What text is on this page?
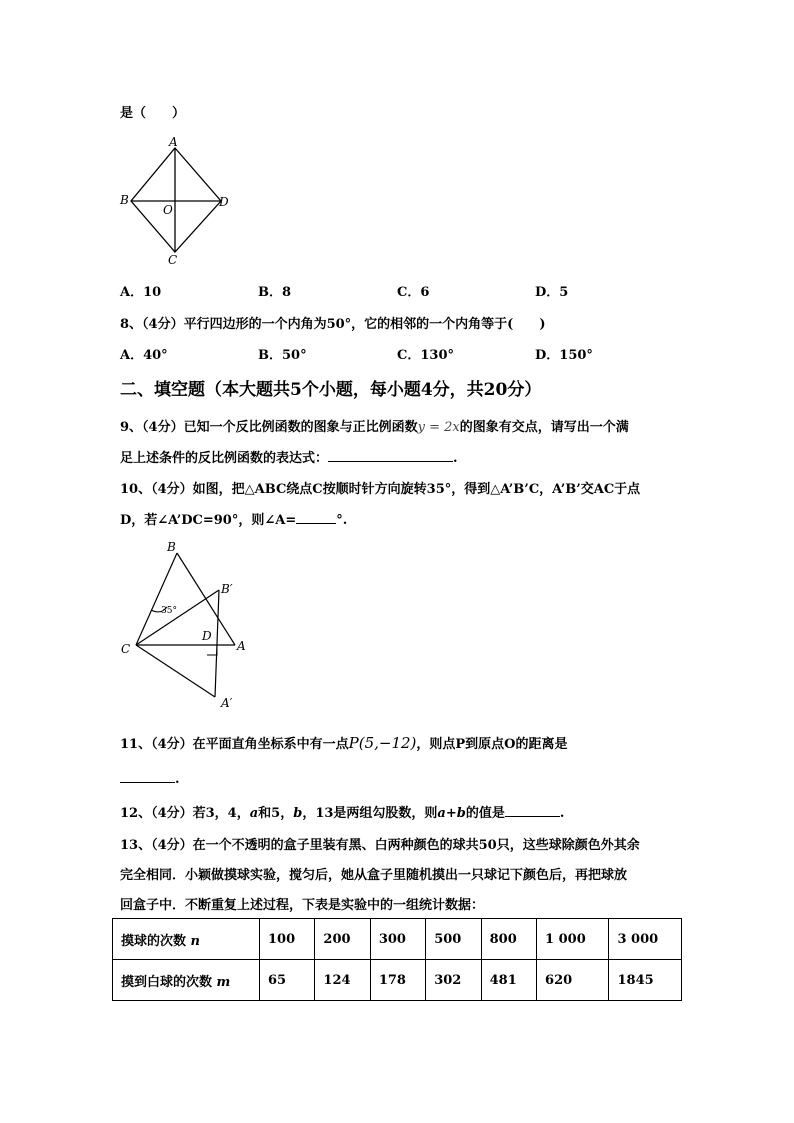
是（　　）
A
B
O
D
C
A．10	B．8	C．6	D．5
8、（4分）平行四边形的一个内角为50°，它的相邻的一个内角等于(　　)
A．40°	B．50°	C．130°	D．150°
二、填空题（本大题共5个小题，每小题4分，共20分）
9、（4分）已知一个反比例函数的图象与正比例函数y = 2x的图象有交点，请写出一个满
足上述条件的反比例函数的表达式：	.
10、（4分）如图，把△ABC绕点C按顺时针方向旋转35°，得到△A’B’C，A’B’交AC于点
D，若∠A’DC=90°，则∠A=	°.
B
B′
35°
D
C	A
A′
11、（4分）在平面直角坐标系中有一点P(5,−12)，则点P到原点O的距离是
.
12、（4分）若3，4，a和5，b，13是两组勾股数，则a+b的值是	.
13、（4分）在一个不透明的盒子里装有黑、白两种颜色的球共50只，这些球除颜色外其余
完全相同．小颖做摸球实验，搅匀后，她从盒子里随机摸出一只球记下颜色后，再把球放
回盒子中．不断重复上述过程，下表是实验中的一组统计数据：
摸球的次数 n	100	200	300	500	800	1 000	3 000
摸到白球的次数 m	65	124	178	302	481	620	1845
